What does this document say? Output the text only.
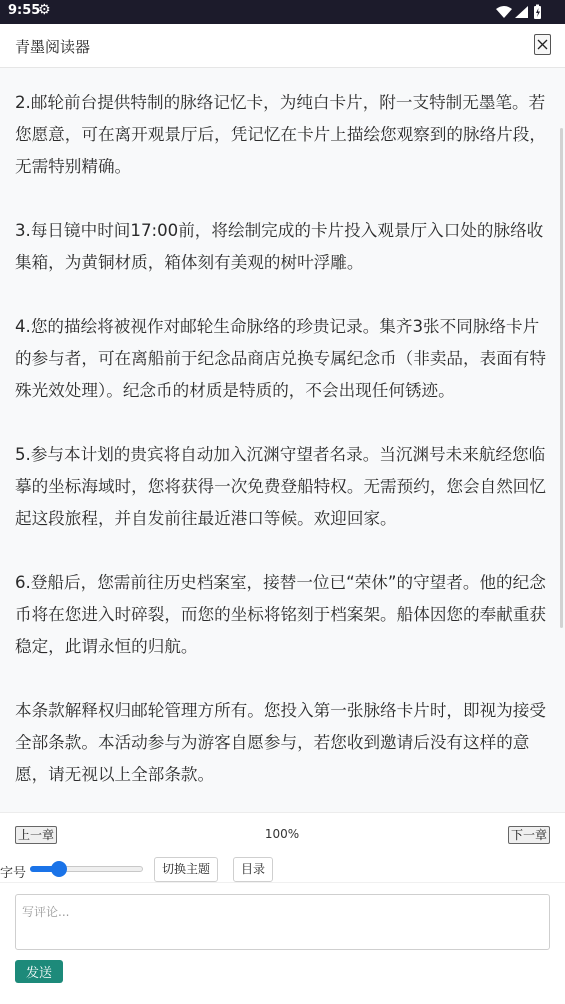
9:55
⚙
青墨阅读器

2.邮轮前台提供特制的脉络记忆卡，为纯白卡片，附一支特制无墨笔。若您愿意，可在离开观景厅后，凭记忆在卡片上描绘您观察到的脉络片段，无需特别精确。

3.每日镜中时间17:00前，将绘制完成的卡片投入观景厅入口处的脉络收集箱，为黄铜材质，箱体刻有美观的树叶浮雕。

4.您的描绘将被视作对邮轮生命脉络的珍贵记录。集齐3张不同脉络卡片的参与者，可在离船前于纪念品商店兑换专属纪念币（非卖品，表面有特殊光效处理）。纪念币的材质是特质的，不会出现任何锈迹。

5.参与本计划的贵宾将自动加入沉渊守望者名录。当沉渊号未来航经您临摹的坐标海域时，您将获得一次免费登船特权。无需预约，您会自然回忆起这段旅程，并自发前往最近港口等候。欢迎回家。

6.登船后，您需前往历史档案室，接替一位已“荣休”的守望者。他的纪念币将在您进入时碎裂，而您的坐标将铭刻于档案架。船体因您的奉献重获稳定，此谓永恒的归航。

本条款解释权归邮轮管理方所有。您投入第一张脉络卡片时，即视为接受全部条款。本活动参与为游客自愿参与，若您收到邀请后没有这样的意愿，请无视以上全部条款。

上一章	100%	下一章
字号	切换主题	目录
写评论...
发送
